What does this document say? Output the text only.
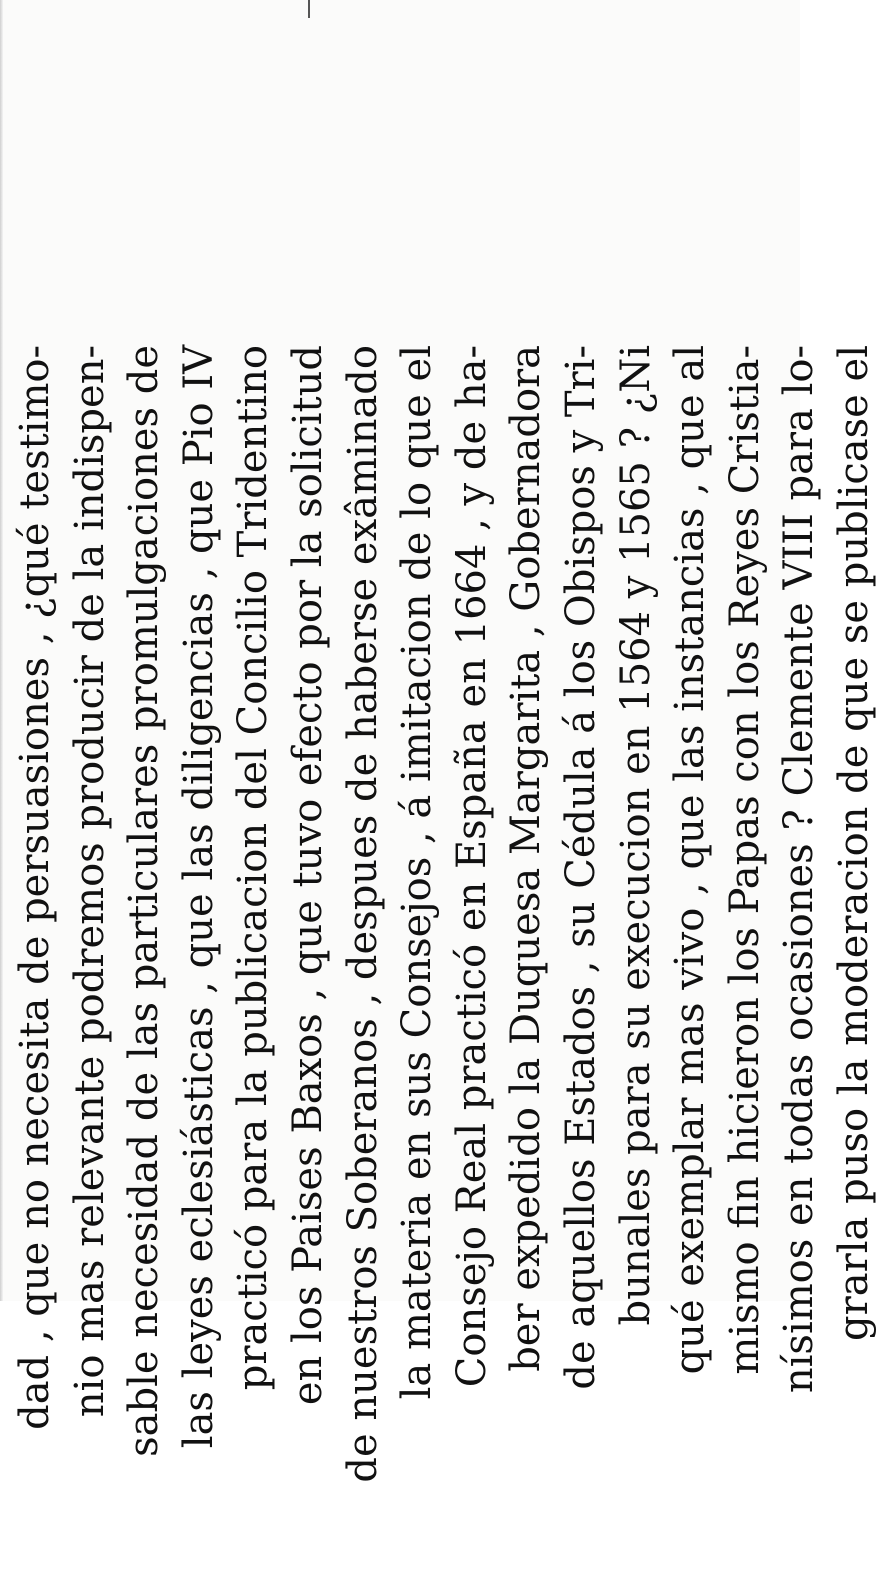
dad , que no necesita de persuasiones , ¿qué testimo- nio mas relevante podremos producir de la indispen- sable necesidad de las particulares promulgaciones de las leyes eclesiásticas , que las diligencias , que Pio IV practicó para la publicacion del Concilio Tridentino en los Paises Baxos , que tuvo efecto por la solicitud de nuestros Soberanos , despues de haberse exâminado la materia en sus Consejos , á imitacion de lo que el Consejo Real practicó en España en 1664 , y de ha- ber expedido la Duquesa Margarita , Gobernadora de aquellos Estados , su Cédula á los Obispos y Tri- bunales para su execucion en 1564 y 1565 ? ¿Ni qué exemplar mas vivo , que las instancias , que al mismo fin hicieron los Papas con los Reyes Cristia- nísimos en todas ocasiones ? Clemente VIII para lo- grarla puso la moderacion de que se publicase el
